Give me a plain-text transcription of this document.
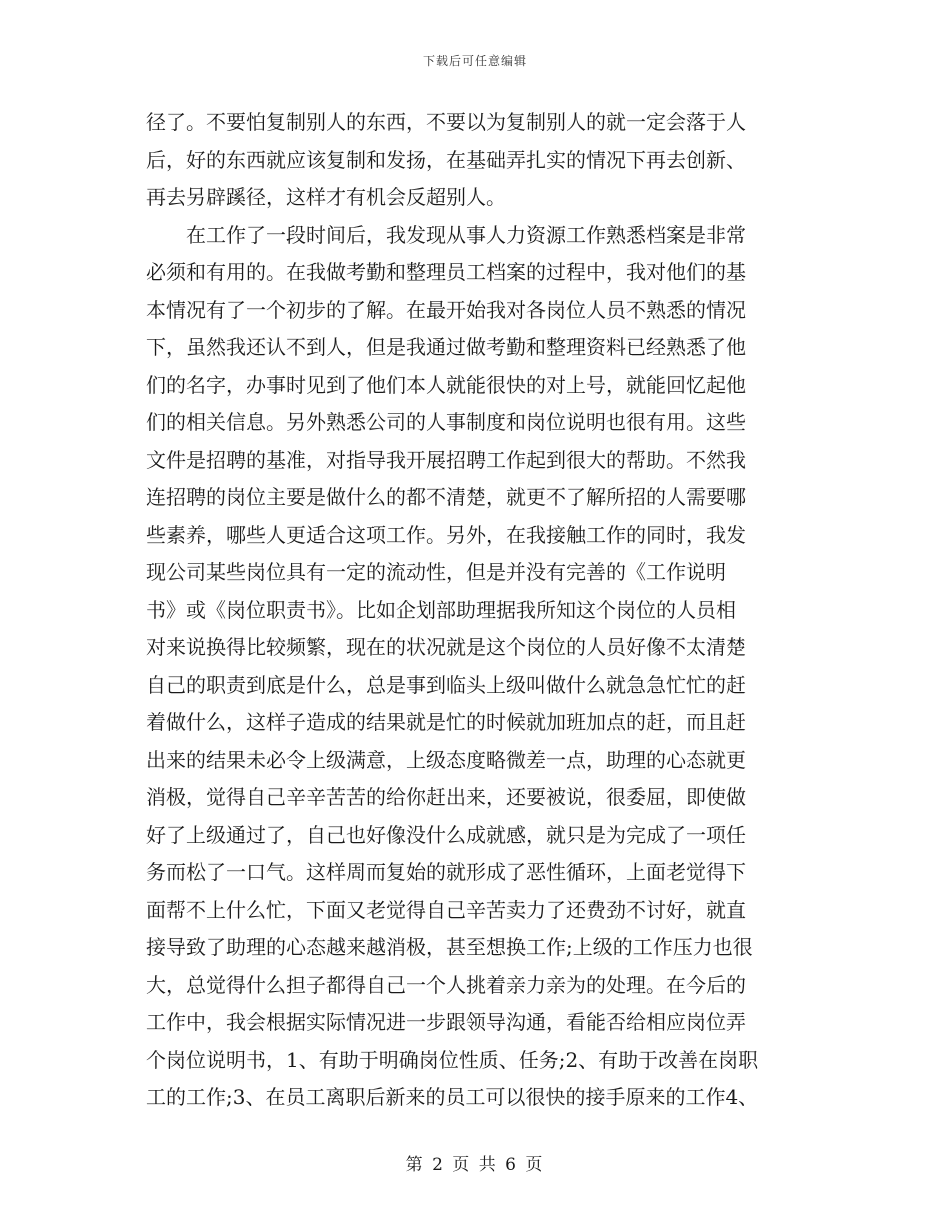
下载后可任意编辑
径了。不要怕复制别人的东西，不要以为复制别人的就一定会落于人
后，好的东西就应该复制和发扬，在基础弄扎实的情况下再去创新、
再去另辟蹊径，这样才有机会反超别人。
在工作了一段时间后，我发现从事人力资源工作熟悉档案是非常
必须和有用的。在我做考勤和整理员工档案的过程中，我对他们的基
本情况有了一个初步的了解。在最开始我对各岗位人员不熟悉的情况
下，虽然我还认不到人，但是我通过做考勤和整理资料已经熟悉了他
们的名字，办事时见到了他们本人就能很快的对上号，就能回忆起他
们的相关信息。另外熟悉公司的人事制度和岗位说明也很有用。这些
文件是招聘的基准，对指导我开展招聘工作起到很大的帮助。不然我
连招聘的岗位主要是做什么的都不清楚，就更不了解所招的人需要哪
些素养，哪些人更适合这项工作。另外，在我接触工作的同时，我发
现公司某些岗位具有一定的流动性，但是并没有完善的《工作说明
书》或《岗位职责书》。比如企划部助理据我所知这个岗位的人员相
对来说换得比较频繁，现在的状况就是这个岗位的人员好像不太清楚
自己的职责到底是什么，总是事到临头上级叫做什么就急急忙忙的赶
着做什么，这样子造成的结果就是忙的时候就加班加点的赶，而且赶
出来的结果未必令上级满意，上级态度略微差一点，助理的心态就更
消极，觉得自己辛辛苦苦的给你赶出来，还要被说，很委屈，即使做
好了上级通过了，自己也好像没什么成就感，就只是为完成了一项任
务而松了一口气。这样周而复始的就形成了恶性循环，上面老觉得下
面帮不上什么忙，下面又老觉得自己辛苦卖力了还费劲不讨好，就直
接导致了助理的心态越来越消极，甚至想换工作;上级的工作压力也很
大，总觉得什么担子都得自己一个人挑着亲力亲为的处理。在今后的
工作中，我会根据实际情况进一步跟领导沟通，看能否给相应岗位弄
个岗位说明书，1、有助于明确岗位性质、任务;2、有助于改善在岗职
工的工作;3、在员工离职后新来的员工可以很快的接手原来的工作4、
第 2 页 共 6 页
